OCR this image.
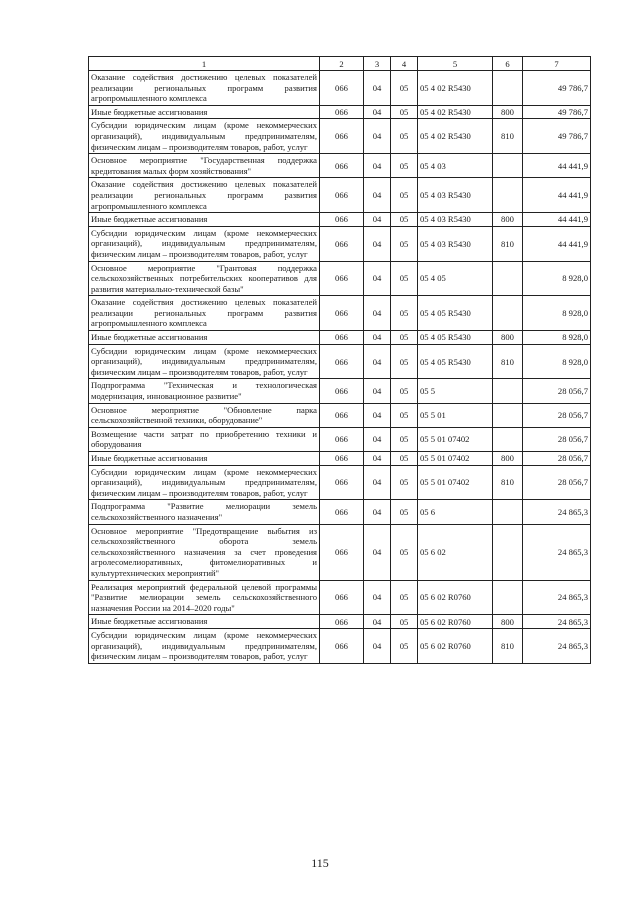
1	2	3	4	5	6	7
Оказание содействия достижению целевых показателей реализации региональных программ развития агропромышленного комплекса	066	04	05	05 4 02 R5430		49 786,7
Иные бюджетные ассигнования	066	04	05	05 4 02 R5430	800	49 786,7
Субсидии юридическим лицам (кроме некоммерческих организаций), индивидуальным предпринимателям, физическим лицам – производителям товаров, работ, услуг	066	04	05	05 4 02 R5430	810	49 786,7
Основное мероприятие "Государственная поддержка кредитования малых форм хозяйствования"	066	04	05	05 4 03		44 441,9
Оказание содействия достижению целевых показателей реализации региональных программ развития агропромышленного комплекса	066	04	05	05 4 03 R5430		44 441,9
Иные бюджетные ассигнования	066	04	05	05 4 03 R5430	800	44 441,9
Субсидии юридическим лицам (кроме некоммерческих организаций), индивидуальным предпринимателям, физическим лицам – производителям товаров, работ, услуг	066	04	05	05 4 03 R5430	810	44 441,9
Основное мероприятие "Грантовая поддержка сельскохозяйственных потребительских кооперативов для развития материально-технической базы"	066	04	05	05 4 05		8 928,0
Оказание содействия достижению целевых показателей реализации региональных программ развития агропромышленного комплекса	066	04	05	05 4 05 R5430		8 928,0
Иные бюджетные ассигнования	066	04	05	05 4 05 R5430	800	8 928,0
Субсидии юридическим лицам (кроме некоммерческих организаций), индивидуальным предпринимателям, физическим лицам – производителям товаров, работ, услуг	066	04	05	05 4 05 R5430	810	8 928,0
Подпрограмма "Техническая и технологическая модернизация, инновационное развитие"	066	04	05	05 5		28 056,7
Основное мероприятие "Обновление парка сельскохозяйственной техники, оборудование"	066	04	05	05 5 01		28 056,7
Возмещение части затрат по приобретению техники и оборудования	066	04	05	05 5 01 07402		28 056,7
Иные бюджетные ассигнования	066	04	05	05 5 01 07402	800	28 056,7
Субсидии юридическим лицам (кроме некоммерческих организаций), индивидуальным предпринимателям, физическим лицам – производителям товаров, работ, услуг	066	04	05	05 5 01 07402	810	28 056,7
Подпрограмма "Развитие мелиорации земель сельскохозяйственного назначения"	066	04	05	05 6		24 865,3
Основное мероприятие "Предотвращение выбытия из сельскохозяйственного оборота земель сельскохозяйственного назначения за счет проведения агролесомелиоративных, фитомелиоративных и культуртехнических мероприятий"	066	04	05	05 6 02		24 865,3
Реализация мероприятий федеральной целевой программы "Развитие мелиорации земель сельскохозяйственного назначения России на 2014–2020 годы"	066	04	05	05 6 02 R0760		24 865,3
Иные бюджетные ассигнования	066	04	05	05 6 02 R0760	800	24 865,3
Субсидии юридическим лицам (кроме некоммерческих организаций), индивидуальным предпринимателям, физическим лицам – производителям товаров, работ, услуг	066	04	05	05 6 02 R0760	810	24 865,3
115
